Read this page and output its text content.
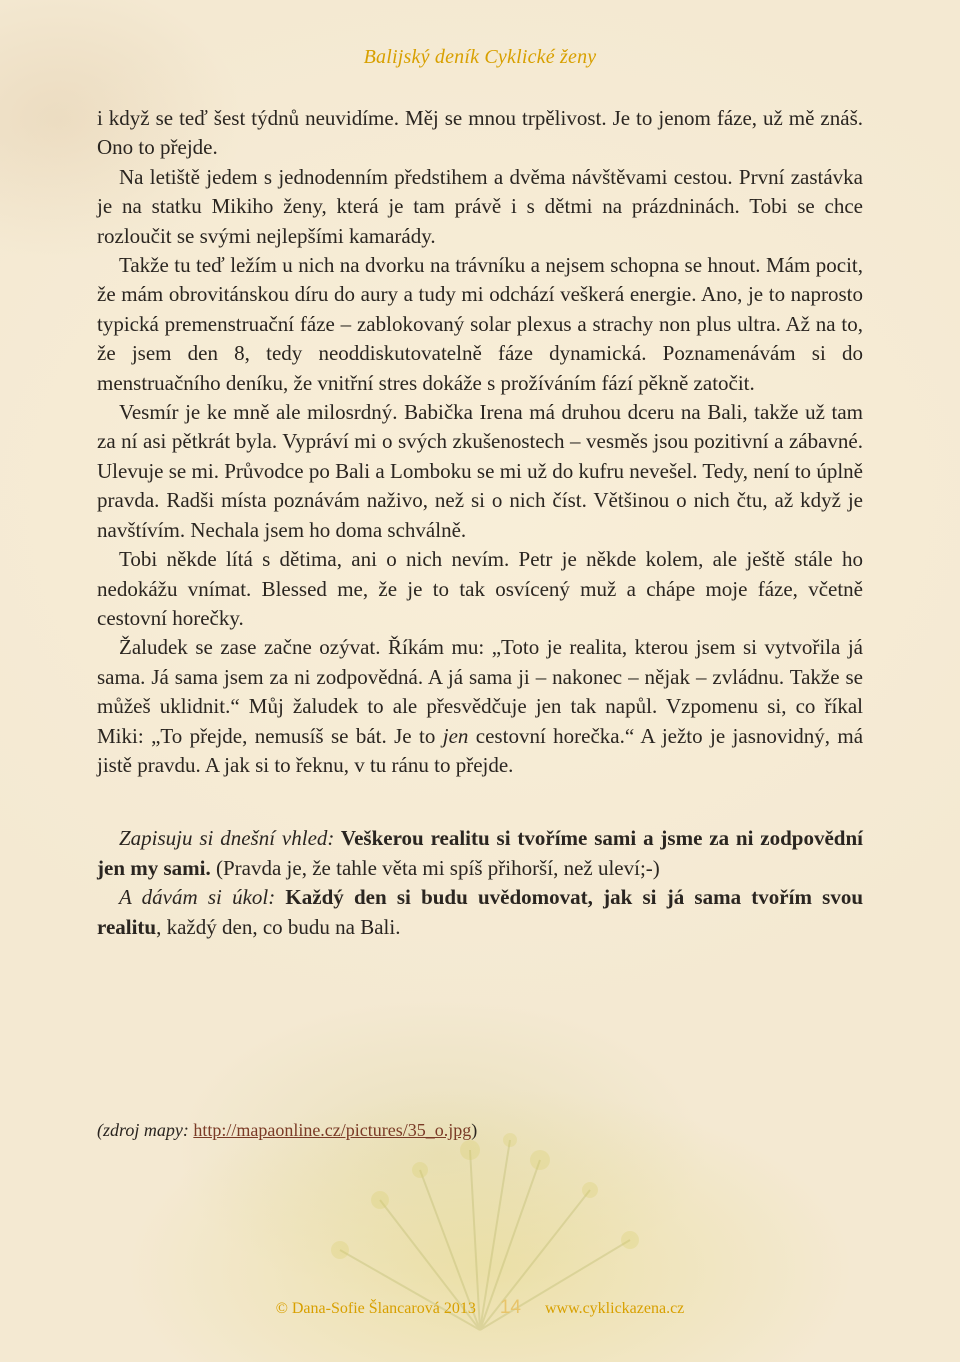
Balijský deník Cyklické ženy

i když se teď šest týdnů neuvidíme. Měj se mnou trpělivost. Je to jenom fáze, už mě znáš. Ono to přejde.

Na letiště jedem s jednodenním předstihem a dvěma návštěvami cestou. První zastávka je na statku Mikiho ženy, která je tam právě i s dětmi na prázdninách. Tobi se chce rozloučit se svými nejlepšími kamarády.

Takže tu teď ležím u nich na dvorku na trávníku a nejsem schopna se hnout. Mám pocit, že mám obrovitánskou díru do aury a tudy mi odchází veškerá energie. Ano, je to naprosto typická premenstruační fáze – zablokovaný solar plexus a strachy non plus ultra. Až na to, že jsem den 8, tedy neoddiskutovatelně fáze dynamická. Poznamenávám si do menstruačního deníku, že vnitřní stres dokáže s prožíváním fází pěkně zatočit.

Vesmír je ke mně ale milosrdný. Babička Irena má druhou dceru na Bali, takže už tam za ní asi pětkrát byla. Vypráví mi o svých zkušenostech – vesměs jsou pozitivní a zábavné. Ulevuje se mi. Průvodce po Bali a Lomboku se mi už do kufru nevešel. Tedy, není to úplně pravda. Radši místa poznávám naživo, než si o nich číst. Většinou o nich čtu, až když je navštívím. Nechala jsem ho doma schválně.

Tobi někde lítá s dětima, ani o nich nevím. Petr je někde kolem, ale ještě stále ho nedokážu vnímat. Blessed me, že je to tak osvícený muž a chápe moje fáze, včetně cestovní horečky.

Žaludek se zase začne ozývat. Říkám mu: „Toto je realita, kterou jsem si vytvořila já sama. Já sama jsem za ni zodpovědná. A já sama ji – nakonec – nějak – zvládnu. Takže se můžeš uklidnit.“ Můj žaludek to ale přesvědčuje jen tak napůl. Vzpomenu si, co říkal Miki: „To přejde, nemusíš se bát. Je to jen cestovní horečka.“ A ježto je jasnovidný, má jistě pravdu. A jak si to řeknu, v tu ránu to přejde.

Zapisuju si dnešní vhled: Veškerou realitu si tvoříme sami a jsme za ni zodpovědní jen my sami. (Pravda je, že tahle věta mi spíš přihorší, než uleví;-)

A dávám si úkol: Každý den si budu uvědomovat, jak si já sama tvořím svou realitu, každý den, co budu na Bali.

(zdroj mapy: http://mapaonline.cz/pictures/35_o.jpg)
© Dana-Sofie Šlancarová 2013 14 www.cyklickazena.cz
